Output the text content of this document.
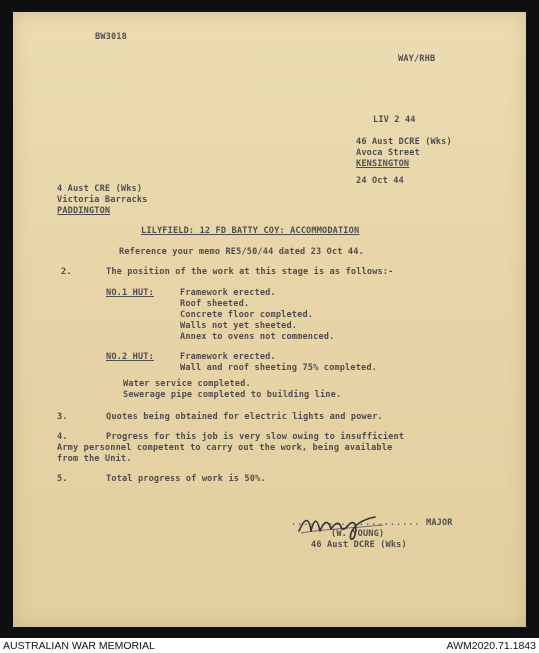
BW3018
WAY/RHB
LIV 2 44
46 Aust DCRE (Wks)
Avoca Street
KENSINGTON
24 Oct 44
4 Aust CRE (Wks)
Victoria Barracks
PADDINGTON
LILYFIELD: 12 FD BATTY COY: ACCOMMODATION
Reference your memo RE5/50/44 dated 23 Oct 44.
2.	The position of the work at this stage is as follows:-
NO.1 HUT:	Framework erected.
Roof sheeted.
Concrete floor completed.
Walls not yet sheeted.
Annex to ovens not commenced.
NO.2 HUT:	Framework erected.
Wall and roof sheeting 75% completed.
Water service completed.
Sewerage pipe completed to building line.
3.	Quotes being obtained for electric lights and power.
4.	Progress for this job is very slow owing to insufficient
Army personnel competent to carry out the work, being available
from the Unit.
5.	Total progress of work is 50%.
..................... MAJOR
(W. YOUNG)
46 Aust DCRE (Wks)
AUSTRALIAN WAR MEMORIAL	AWM2020.71.1843
